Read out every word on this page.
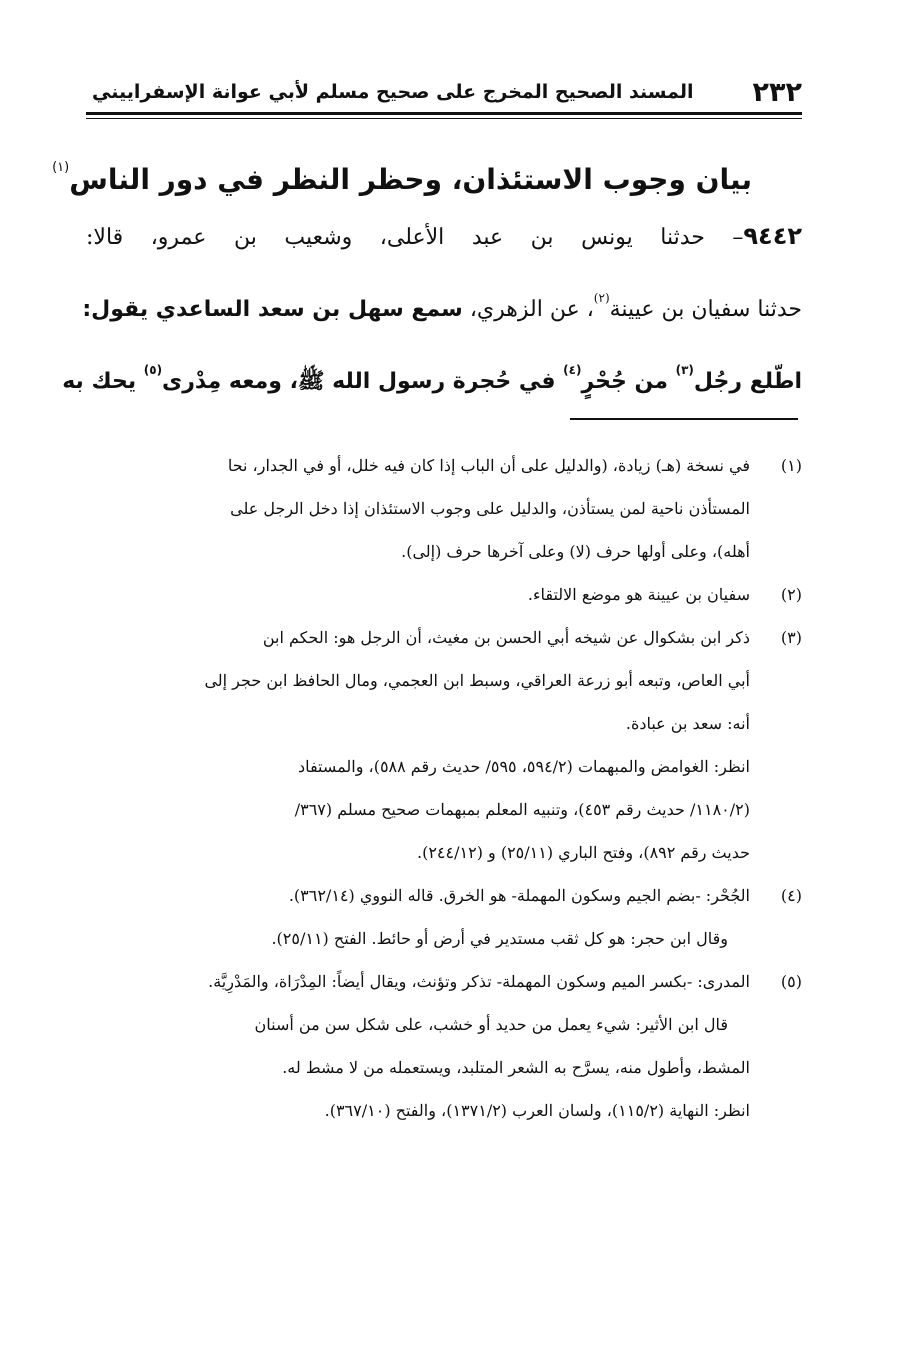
٢٣٢
المسند الصحيح المخرج على صحيح مسلم لأبي عوانة الإسفراييني
بيان وجوب الاستئذان، وحظر النظر في دور الناس$^{(١)}$
٩٤٤٢– حدثنا يونس بن عبد الأعلى، وشعيب بن عمرو، قالا:
حدثنا سفيان بن عيينة$^{(٢)}$، عن الزهري، سمع سهل بن سعد الساعدي يقول:
اطّلع رجُل$^{(٣)}$ من جُحْرٍ$^{(٤)}$ في حُجرة رسول الله ﷺ، ومعه مِدْرى$^{(٥)}$ يحك به
(١)
في نسخة (هـ) زيادة، (والدليل على أن الباب إذا كان فيه خلل، أو في الجدار، نحا
المستأذن ناحية لمن يستأذن، والدليل على وجوب الاستئذان إذا دخل الرجل على
أهله)، وعلى أولها حرف (لا) وعلى آخرها حرف (إلى).
(٢)
سفيان بن عيينة هو موضع الالتقاء.
(٣)
ذكر ابن بشكوال عن شيخه أبي الحسن بن مغيث، أن الرجل هو: الحكم ابن
أبي العاص، وتبعه أبو زرعة العراقي، وسبط ابن العجمي، ومال الحافظ ابن حجر إلى
أنه: سعد بن عبادة.
انظر: الغوامض والمبهمات (٥٩٤/٢، ٥٩٥/ حديث رقم ٥٨٨)، والمستفاد
(١١٨٠/٢/ حديث رقم ٤٥٣)، وتنبيه المعلم بمبهمات صحيح مسلم (٣٦٧/
حديث رقم ٨٩٢)، وفتح الباري (٢٥/١١) و (٢٤٤/١٢).
(٤)
الجُحْر: -بضم الجيم وسكون المهملة- هو الخرق. قاله النووي (٣٦٢/١٤).
وقال ابن حجر: هو كل ثقب مستدير في أرض أو حائط. الفتح (٢٥/١١).
(٥)
المدرى: -بكسر الميم وسكون المهملة- تذكر وتؤنث، ويقال أيضاً: المِدْرَاة، والمَدْرِيَّة.
قال ابن الأثير: شيء يعمل من حديد أو خشب، على شكل سن من أسنان
المشط، وأطول منه، يسرَّح به الشعر المتلبد، ويستعمله من لا مشط له.
انظر: النهاية (١١٥/٢)، ولسان العرب (١٣٧١/٢)، والفتح (٣٦٧/١٠).
